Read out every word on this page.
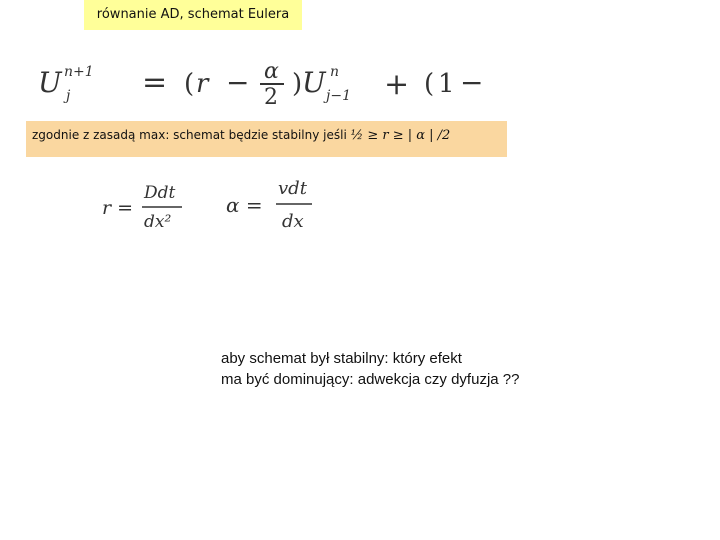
równanie AD, schemat Eulera
U n+1
j = ( r − α
2 ) U n
j−1 + ( 1 −
zgodnie z zasadą max: schemat będzie stabilny jeśli ½ ≥ r ≥ | α | /2
r =
Ddt
dx²
α =
vdt
dx
aby schemat był stabilny: który efekt
ma być dominujący: adwekcja czy dyfuzja ??
